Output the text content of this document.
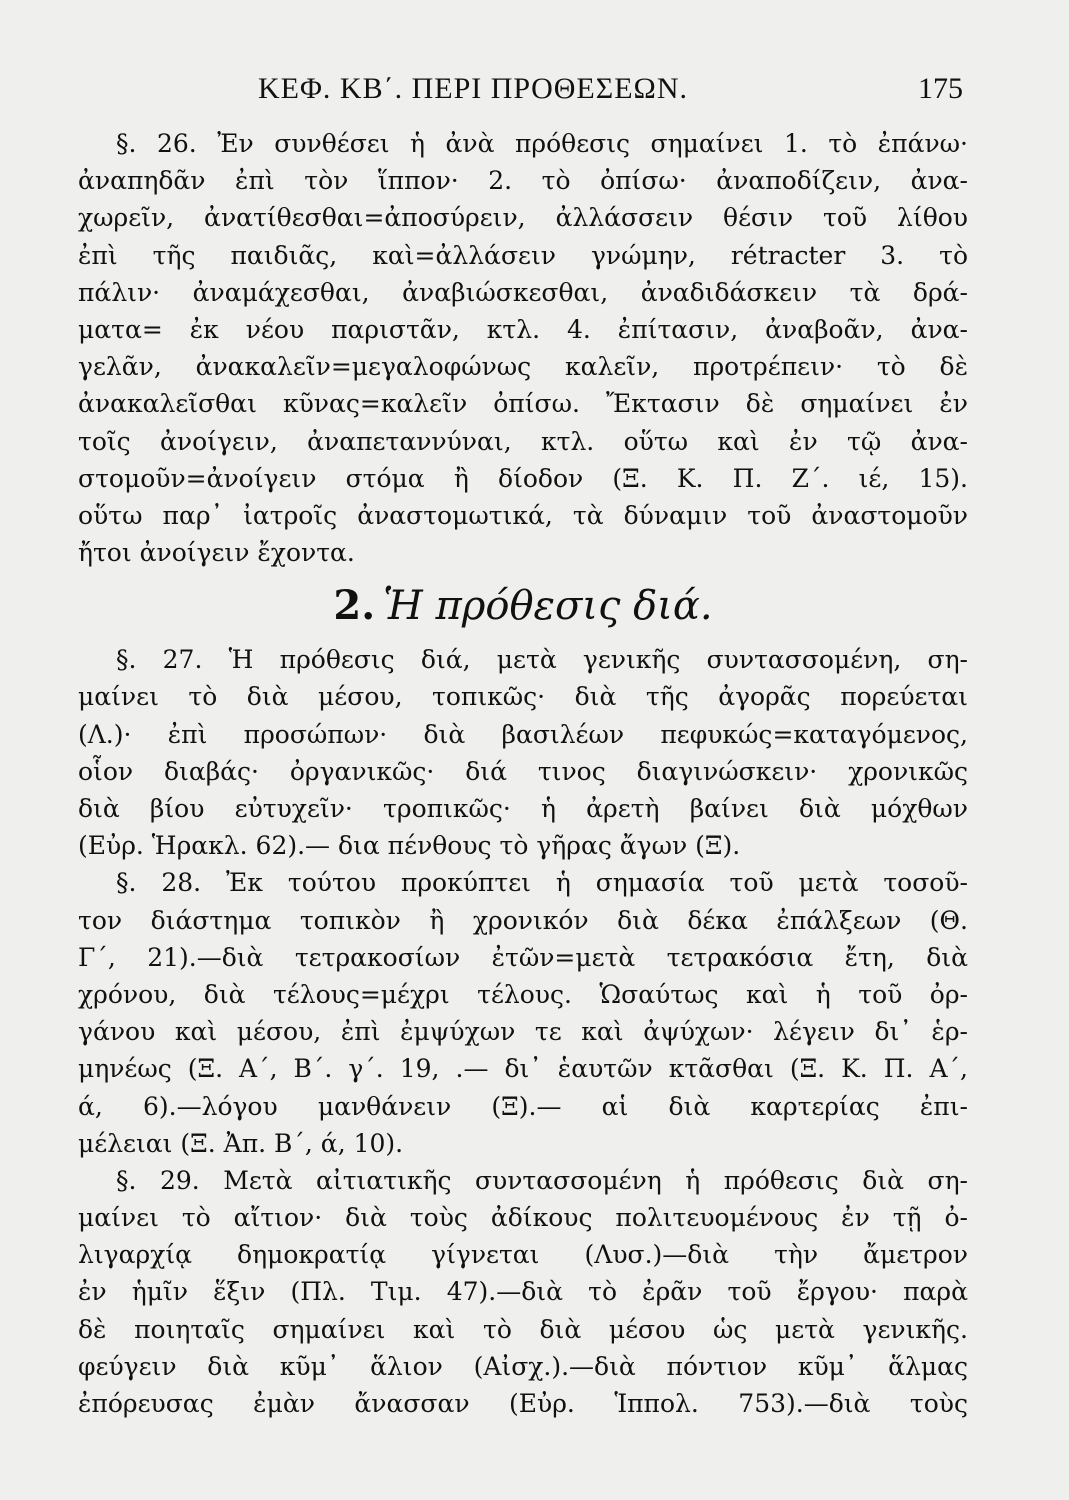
ΚΕΦ. ΚΒ΄. ΠΕΡΙ ΠΡΟΘΕΣΕΩΝ.	175
§. 26. Ἐν συνθέσει ἡ ἀνὰ πρόθεσις σημαίνει 1. τὸ ἐπάνω·
ἀναπηδᾶν ἐπὶ τὸν ἵππον· 2. τὸ ὀπίσω· ἀναποδίζειν, ἀνα-
χωρεῖν, ἀνατίθεσθαι=ἀποσύρειν, ἀλλάσσειν θέσιν τοῦ λίθου
ἐπὶ τῆς παιδιᾶς, καὶ=ἀλλάσειν γνώμην, rétracter 3. τὸ
πάλιν· ἀναμάχεσθαι, ἀναβιώσκεσθαι, ἀναδιδάσκειν τὰ δρά-
ματα= ἐκ νέου παριστᾶν, κτλ. 4. ἐπίτασιν, ἀναβοᾶν, ἀνα-
γελᾶν, ἀνακαλεῖν=μεγαλοφώνως καλεῖν, προτρέπειν· τὸ δὲ
ἀνακαλεῖσθαι κῦνας=καλεῖν ὀπίσω. Ἔκτασιν δὲ σημαίνει ἐν
τοῖς ἀνοίγειν, ἀναπεταννύναι, κτλ. οὕτω καὶ ἐν τῷ ἀνα-
στομοῦν=ἀνοίγειν στόμα ἢ δίοδον (Ξ. Κ. Π. Ζ΄. ιέ, 15).
οὕτω παρ᾽ ἰατροῖς ἀναστομωτικά, τὰ δύναμιν τοῦ ἀναστομοῦν
ἤτοι ἀνοίγειν ἔχοντα.
2. Ἡ πρόθεσις διά.
§. 27. Ἡ πρόθεσις διά, μετὰ γενικῆς συντασσομένη, ση-
μαίνει τὸ διὰ μέσου, τοπικῶς· διὰ τῆς ἀγορᾶς πορεύεται
(Λ.)· ἐπὶ προσώπων· διὰ βασιλέων πεφυκώς=καταγόμενος,
οἷον διαβάς· ὀργανικῶς· διά τινος διαγινώσκειν· χρονικῶς
διὰ βίου εὐτυχεῖν· τροπικῶς· ἡ ἀρετὴ βαίνει διὰ μόχθων
(Εὐρ. Ἡρακλ. 62).— δια πένθους τὸ γῆρας ἄγων (Ξ).
§. 28. Ἐκ τούτου προκύπτει ἡ σημασία τοῦ μετὰ τοσοῦ-
τον διάστημα τοπικὸν ἢ χρονικόν διὰ δέκα ἐπάλξεων (Θ.
Γ΄, 21).—διὰ τετρακοσίων ἐτῶν=μετὰ τετρακόσια ἔτη, διὰ
χρόνου, διὰ τέλους=μέχρι τέλους. Ὡσαύτως καὶ ἡ τοῦ ὀρ-
γάνου καὶ μέσου, ἐπὶ ἐμψύχων τε καὶ ἀψύχων· λέγειν δι᾽ ἑρ-
μηνέως (Ξ. Α΄, Β΄. γ΄. 19, .— δι᾽ ἑαυτῶν κτᾶσθαι (Ξ. Κ. Π. Α΄,
ά, 6).—λόγου μανθάνειν (Ξ).— αἱ διὰ καρτερίας ἐπι-
μέλειαι (Ξ. Ἀπ. Β΄, ά, 10).
§. 29. Μετὰ αἰτιατικῆς συντασσομένη ἡ πρόθεσις διὰ ση-
μαίνει τὸ αἴτιον· διὰ τοὺς ἀδίκους πολιτευομένους ἐν τῇ ὀ-
λιγαρχίᾳ δημοκρατίᾳ γίγνεται (Λυσ.)—διὰ τὴν ἄμετρον
ἐν ἡμῖν ἕξιν (Πλ. Τιμ. 47).—διὰ τὸ ἐρᾶν τοῦ ἔργου· παρὰ
δὲ ποιηταῖς σημαίνει καὶ τὸ διὰ μέσου ὡς μετὰ γενικῆς.
φεύγειν διὰ κῦμ᾽ ἅλιον (Αἰσχ.).—διὰ πόντιον κῦμ᾽ ἅλμας
ἐπόρευσας ἐμὰν ἄνασσαν (Εὐρ. Ἱππολ. 753).—διὰ τοὺς
